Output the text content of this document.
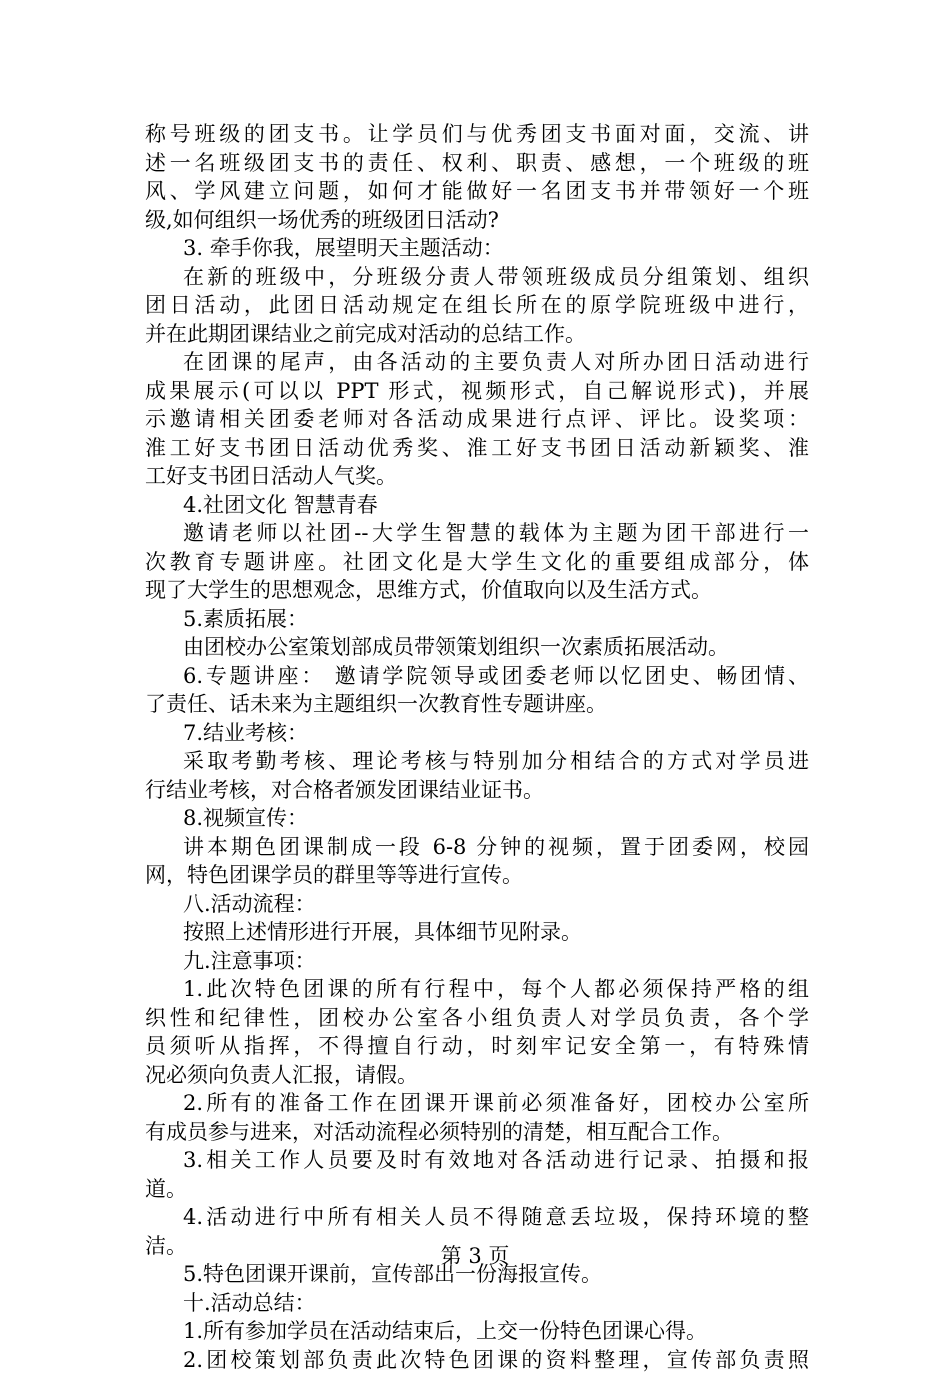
称号班级的团支书。让学员们与优秀团支书面对面，交流、讲
述一名班级团支书的责任、权利、职责、感想，一个班级的班
风、学风建立问题，如何才能做好一名团支书并带领好一个班
级,如何组织一场优秀的班级团日活动?
3. 牵手你我，展望明天主题活动：
在新的班级中，分班级分责人带领班级成员分组策划、组织
团日活动，此团日活动规定在组长所在的原学院班级中进行，
并在此期团课结业之前完成对活动的总结工作。
在团课的尾声，由各活动的主要负责人对所办团日活动进行
成果展示(可以以 PPT 形式，视频形式，自己解说形式)，并展
示邀请相关团委老师对各活动成果进行点评、评比。设奖项：
淮工好支书团日活动优秀奖、淮工好支书团日活动新颖奖、淮
工好支书团日活动人气奖。
4.社团文化 智慧青春
邀请老师以社团--大学生智慧的载体为主题为团干部进行一
次教育专题讲座。社团文化是大学生文化的重要组成部分，体
现了大学生的思想观念，思维方式，价值取向以及生活方式。
5.素质拓展：
由团校办公室策划部成员带领策划组织一次素质拓展活动。
6.专题讲座： 邀请学院领导或团委老师以忆团史、畅团情、
了责任、话未来为主题组织一次教育性专题讲座。
7.结业考核：
采取考勤考核、理论考核与特别加分相结合的方式对学员进
行结业考核，对合格者颁发团课结业证书。
8.视频宣传：
讲本期色团课制成一段 6-8 分钟的视频，置于团委网，校园
网，特色团课学员的群里等等进行宣传。
八.活动流程：
按照上述情形进行开展，具体细节见附录。
九.注意事项：
1.此次特色团课的所有行程中，每个人都必须保持严格的组
织性和纪律性，团校办公室各小组负责人对学员负责，各个学
员须听从指挥，不得擅自行动，时刻牢记安全第一，有特殊情
况必须向负责人汇报，请假。
2.所有的准备工作在团课开课前必须准备好，团校办公室所
有成员参与进来，对活动流程必须特别的清楚，相互配合工作。
3.相关工作人员要及时有效地对各活动进行记录、拍摄和报
道。
4.活动进行中所有相关人员不得随意丢垃圾，保持环境的整
洁。
5.特色团课开课前，宣传部出一份海报宣传。
十.活动总结：
1.所有参加学员在活动结束后，上交一份特色团课心得。
2.团校策划部负责此次特色团课的资料整理，宣传部负责照
第 3 页
